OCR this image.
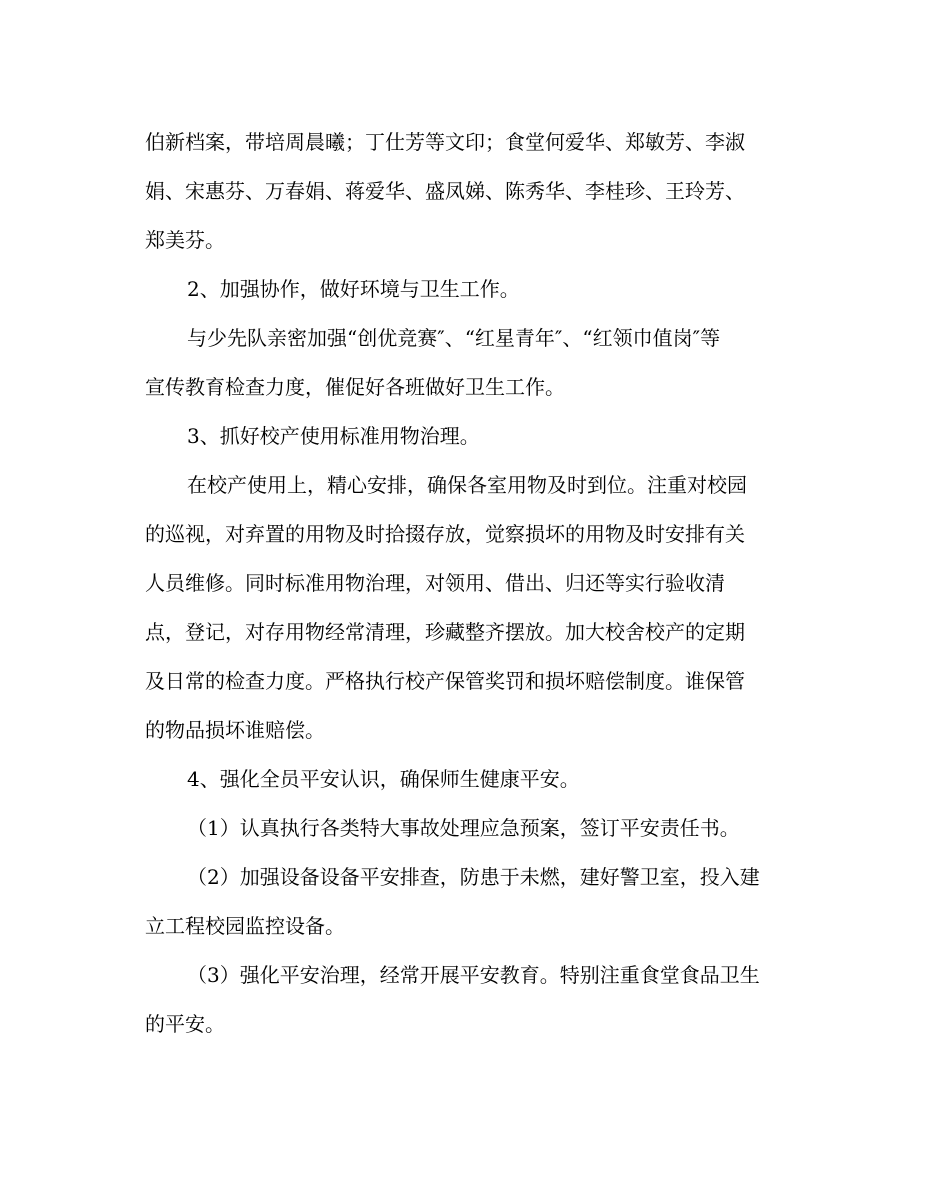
伯新档案，带培周晨曦；丁仕芳等文印；食堂何爱华、郑敏芳、李淑
娟、宋惠芬、万春娟、蒋爱华、盛凤娣、陈秀华、李桂珍、王玲芳、
郑美芬。
2、加强协作，做好环境与卫生工作。
与少先队亲密加强“创优竞赛″、“红星青年″、“红领巾值岗″等
宣传教育检查力度，催促好各班做好卫生工作。
3、抓好校产使用标准用物治理。
在校产使用上，精心安排，确保各室用物及时到位。注重对校园
的巡视，对弃置的用物及时拾掇存放，觉察损坏的用物及时安排有关
人员维修。同时标准用物治理，对领用、借出、归还等实行验收清
点，登记，对存用物经常清理，珍藏整齐摆放。加大校舍校产的定期
及日常的检查力度。严格执行校产保管奖罚和损坏赔偿制度。谁保管
的物品损坏谁赔偿。
4、强化全员平安认识，确保师生健康平安。
（1）认真执行各类特大事故处理应急预案，签订平安责任书。
（2）加强设备设备平安排查，防患于未燃，建好警卫室，投入建
立工程校园监控设备。
（3）强化平安治理，经常开展平安教育。特别注重食堂食品卫生
的平安。
